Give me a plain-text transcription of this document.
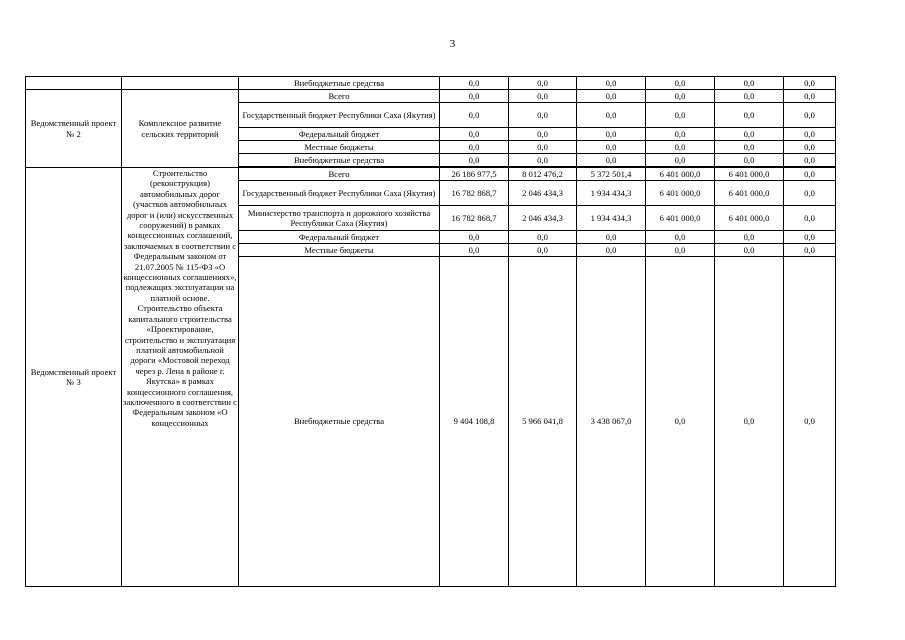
3
		Внебюджетные средства	0,0	0,0	0,0	0,0	0,0	0,0
Ведомственный проект № 2	Комплексное развитие сельских территорий	Всего	0,0	0,0	0,0	0,0	0,0	0,0
		Государственный бюджет Республики Саха (Якутия)	0,0	0,0	0,0	0,0	0,0	0,0
		Федеральный бюджет	0,0	0,0	0,0	0,0	0,0	0,0
		Местные бюджеты	0,0	0,0	0,0	0,0	0,0	0,0
		Внебюджетные средства	0,0	0,0	0,0	0,0	0,0	0,0

Ведомственный проект № 3	Строительство (реконструкция) автомобильных дорог (участков автомобильных дорог и (или) искусственных сооружений) в рамках концессионных соглашений, заключаемых в соответствии с Федеральным законом от 21.07.2005 № 115-ФЗ «О концессионных соглашениях», подлежащих эксплуатации на платной основе. Строительство объекта капитального строительства «Проектирование, строительство и эксплуатация платной автомобильной дороги «Мостовой переход через р. Лена в районе г. Якутска» в рамках концессионного соглашения, заключенного в соответствии с Федеральным законом «О концессионных	Всего	26 186 977,5	8 012 476,2	5 372 501,4	6 401 000,0	6 401 000,0	0,0
		Государственный бюджет Республики Саха (Якутия)	16 782 868,7	2 046 434,3	1 934 434,3	6 401 000,0	6 401 000,0	0,0
		Министерство транспорта и дорожного хозяйства Республики Саха (Якутия)	16 782 868,7	2 046 434,3	1 934 434,3	6 401 000,0	6 401 000,0	0,0
		Федеральный бюджет	0,0	0,0	0,0	0,0	0,0	0,0
		Местные бюджеты	0,0	0,0	0,0	0,0	0,0	0,0
		Внебюджетные средства	9 404 108,8	5 966 041,8	3 438 067,0	0,0	0,0	0,0
